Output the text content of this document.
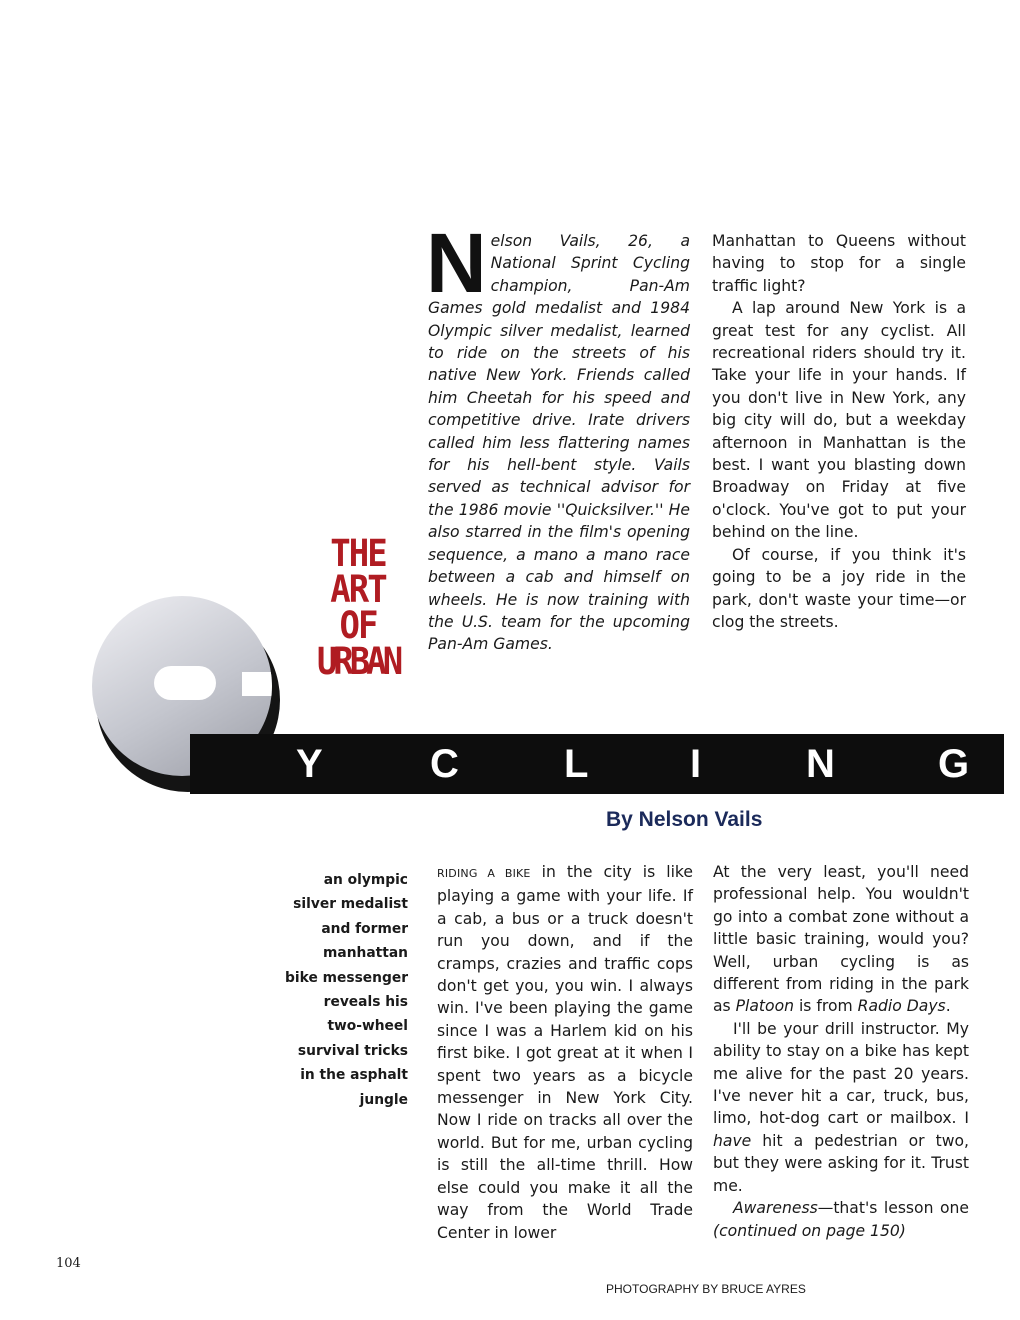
Nelson Vails, 26, a National Sprint Cycling champion, Pan-Am Games gold medalist and 1984 Olympic silver medalist, learned to ride on the streets of his native New York. Friends called him Cheetah for his speed and competitive drive. Irate drivers called him less flattering names for his hell-bent style. Vails served as technical advisor for the 1986 movie ''Quicksilver.'' He also starred in the film's opening sequence, a mano a mano race between a cab and himself on wheels. He is now training with the U.S. team for the upcoming Pan-Am Games.

Manhattan to Queens without having to stop for a single traffic light?

A lap around New York is a great test for any cyclist. All recreational riders should try it. Take your life in your hands. If you don't live in New York, any big city will do, but a weekday afternoon in Manhattan is the best. I want you blasting down Broadway on Friday at five o'clock. You've got to put your behind on the line.

Of course, if you think it's going to be a joy ride in the park, don't waste your time—or clog the streets.

THE
ART
OF
URBAN
Y	C	L	I	N	G
By Nelson Vails
an olympic
silver medalist
and former
manhattan
bike messenger
reveals his
two-wheel
survival tricks
in the asphalt
jungle

RIDING A BIKE in the city is like playing a game with your life. If a cab, a bus or a truck doesn't run you down, and if the cramps, crazies and traffic cops don't get you, you win. I always win. I've been playing the game since I was a Harlem kid on his first bike. I got great at it when I spent two years as a bicycle messenger in New York City. Now I ride on tracks all over the world. But for me, urban cycling is still the all-time thrill. How else could you make it all the way from the World Trade Center in lower

At the very least, you'll need professional help. You wouldn't go into a combat zone without a little basic training, would you? Well, urban cycling is as different from riding in the park as Platoon is from Radio Days.

I'll be your drill instructor. My ability to stay on a bike has kept me alive for the past 20 years. I've never hit a car, truck, bus, limo, hot-dog cart or mailbox. I have hit a pedestrian or two, but they were asking for it. Trust me.

Awareness—that's lesson one (continued on page 150)

104
PHOTOGRAPHY BY BRUCE AYRES
